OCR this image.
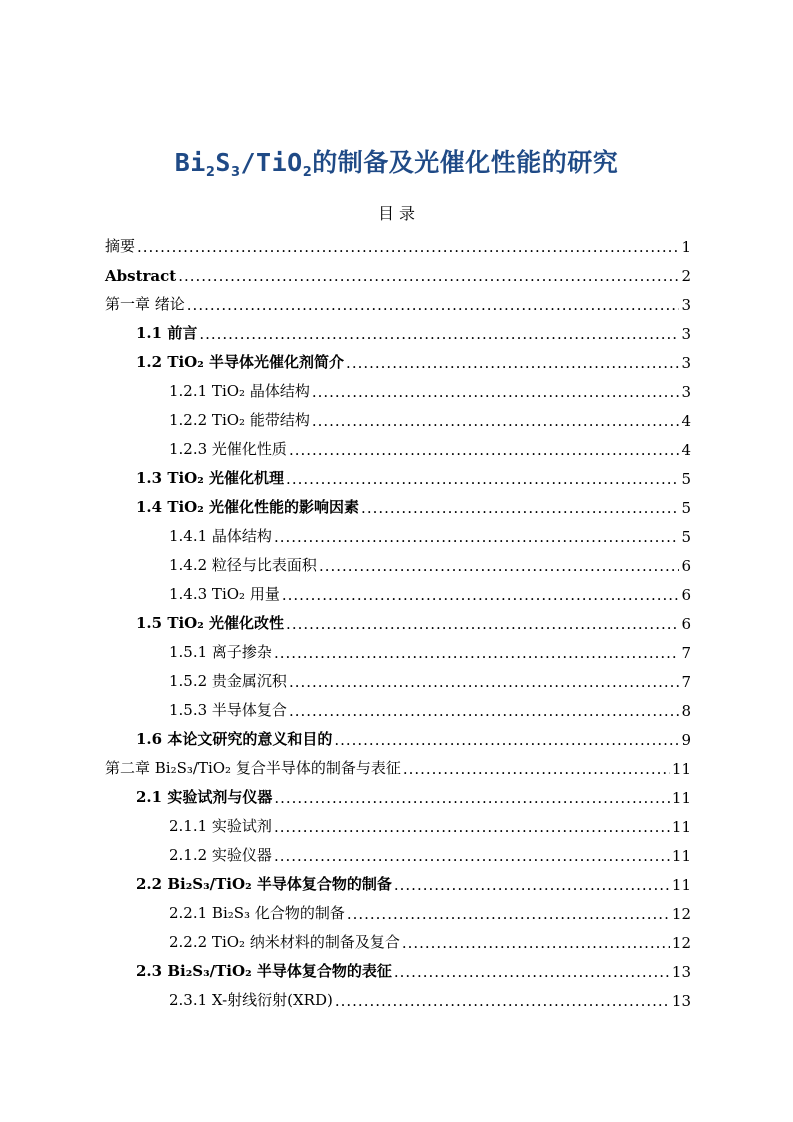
$Bi_2S_3/TiO_2$的制备及光催化性能的研究
目 录
摘要 .....	1
Abstract .....	2
第一章 绪论 .....	3
1.1 前言 .....	3
1.2 TiO₂ 半导体光催化剂简介 .....	3
1.2.1 TiO₂ 晶体结构 .....	3
1.2.2 TiO₂ 能带结构 .....	4
1.2.3 光催化性质 .....	4
1.3 TiO₂ 光催化机理 .....	5
1.4 TiO₂ 光催化性能的影响因素 .....	5
1.4.1 晶体结构 .....	5
1.4.2 粒径与比表面积 .....	6
1.4.3 TiO₂ 用量 .....	6
1.5 TiO₂ 光催化改性 .....	6
1.5.1 离子掺杂 .....	7
1.5.2 贵金属沉积 .....	7
1.5.3 半导体复合 .....	8
1.6 本论文研究的意义和目的 .....	9
第二章 Bi₂S₃/TiO₂ 复合半导体的制备与表征 .....	11
2.1 实验试剂与仪器 .....	11
2.1.1 实验试剂 .....	11
2.1.2 实验仪器 .....	11
2.2 Bi₂S₃/TiO₂ 半导体复合物的制备 .....	11
2.2.1 Bi₂S₃ 化合物的制备 .....	12
2.2.2 TiO₂ 纳米材料的制备及复合 .....	12
2.3 Bi₂S₃/TiO₂ 半导体复合物的表征 .....	13
2.3.1 X-射线衍射(XRD) .....	13
